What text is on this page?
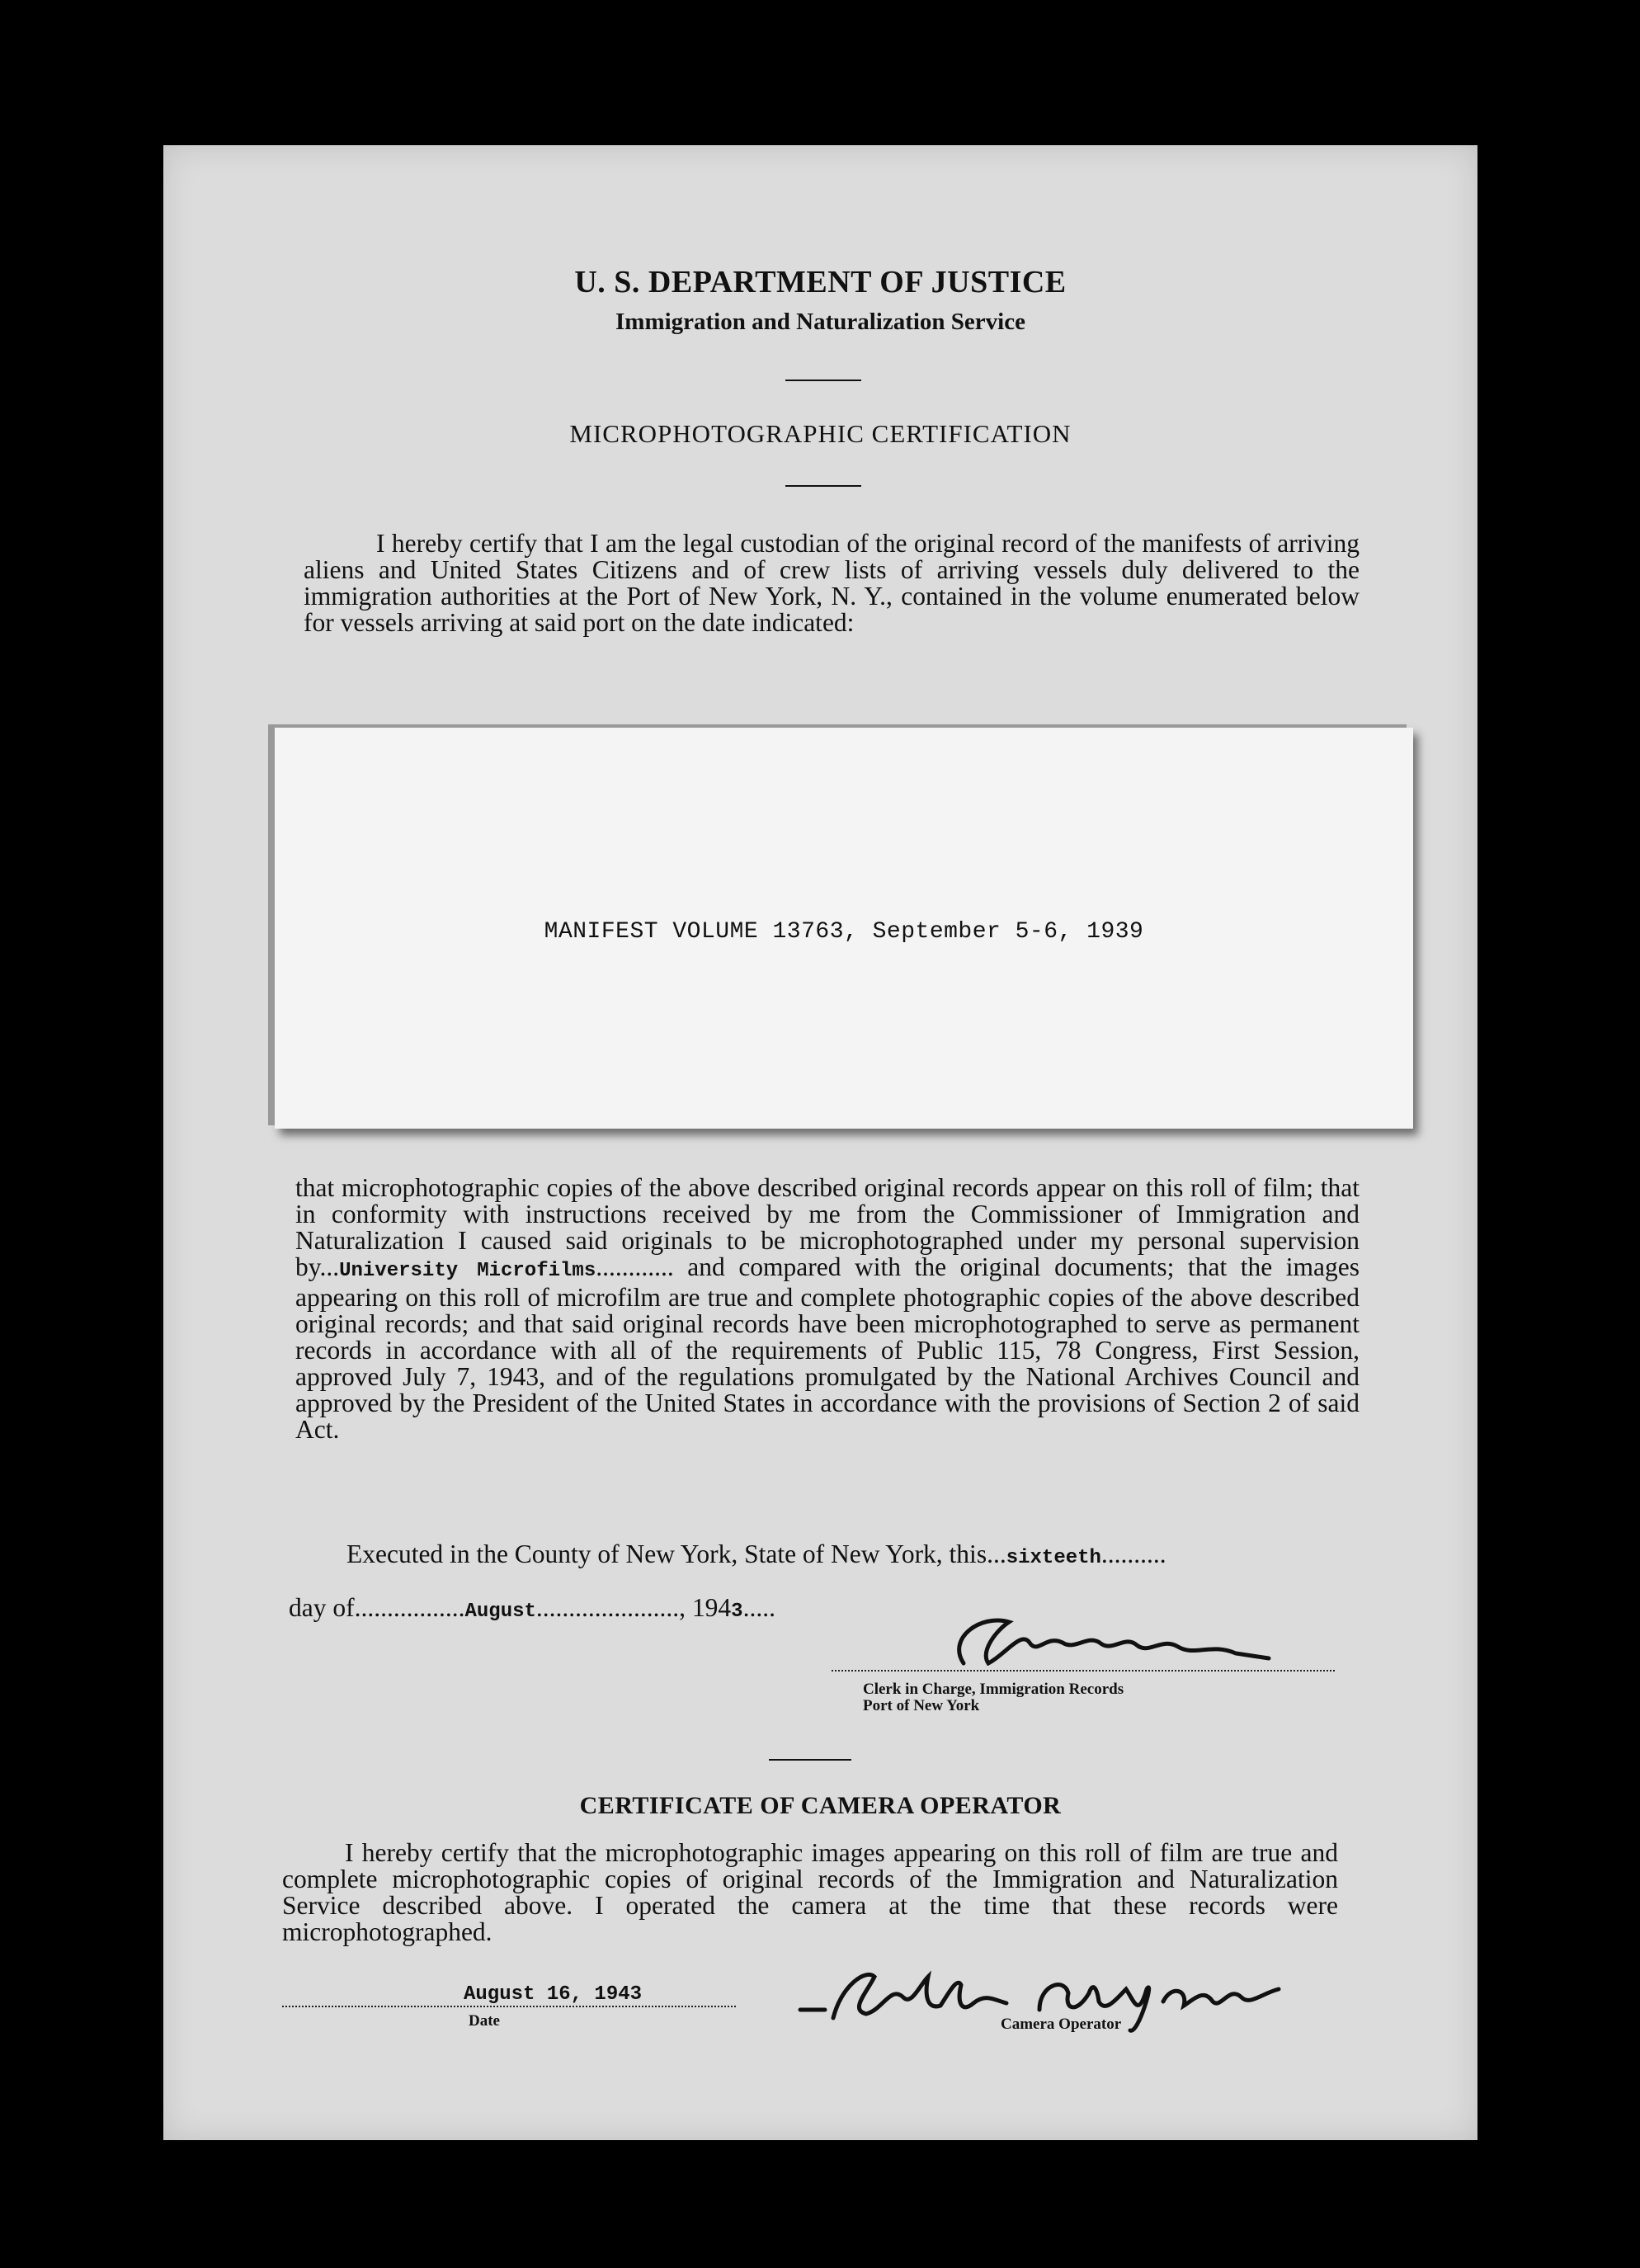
U. S. DEPARTMENT OF JUSTICE
Immigration and Naturalization Service
MICROPHOTOGRAPHIC CERTIFICATION
I hereby certify that I am the legal custodian of the original record of the manifests of arriving aliens and United States Citizens and of crew lists of arriving vessels duly delivered to the immigration authorities at the Port of New York, N. Y., contained in the volume enumerated below for vessels arriving at said port on the date indicated:
MANIFEST VOLUME 13763, September 5-6, 1939
that microphotographic copies of the above described original records appear on this roll of film; that in conformity with instructions received by me from the Commissioner of Immigration and Naturalization I caused said originals to be microphotographed under my personal supervision by...University Microfilms............ and compared with the original documents; that the images appearing on this roll of microfilm are true and complete photographic copies of the above described original records; and that said original records have been microphotographed to serve as permanent records in accordance with all of the requirements of Public 115, 78 Congress, First Session, approved July 7, 1943, and of the regulations promulgated by the National Archives Council and approved by the President of the United States in accordance with the provisions of Section 2 of said Act.
Executed in the County of New York, State of New York, this...sixteeth..........
day of.................August......................, 1943.....
Clerk in Charge, Immigration Records
Port of New York
CERTIFICATE OF CAMERA OPERATOR
I hereby certify that the microphotographic images appearing on this roll of film are true and complete microphotographic copies of original records of the Immigration and Naturalization Service described above. I operated the camera at the time that these records were microphotographed.
August 16, 1943
Date	Camera Operator
